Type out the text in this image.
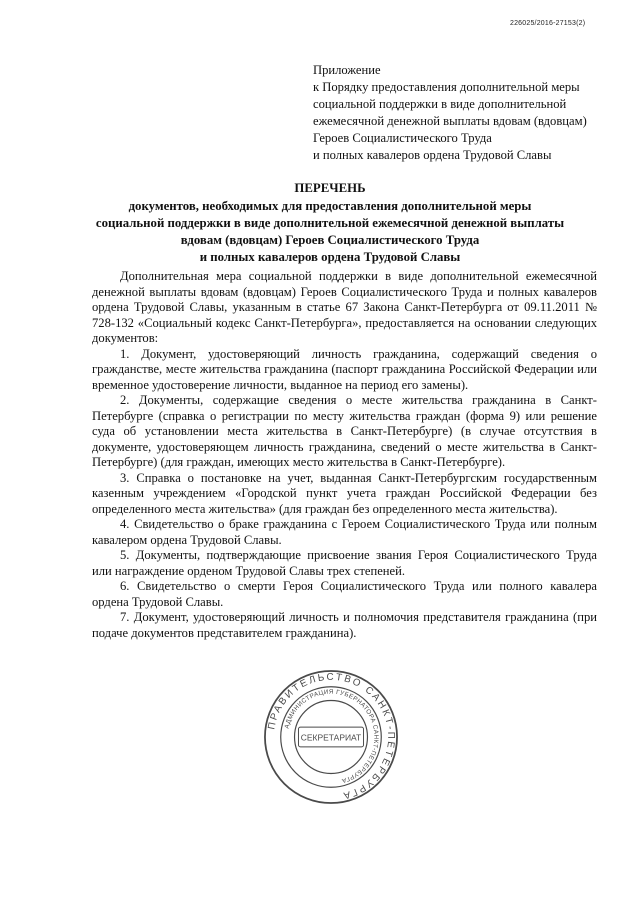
226025/2016-27153(2)
Приложение
к Порядку предоставления дополнительной меры
социальной поддержки в виде дополнительной
ежемесячной денежной выплаты вдовам (вдовцам)
Героев Социалистического Труда
и полных кавалеров ордена Трудовой Славы
ПЕРЕЧЕНЬ
документов, необходимых для предоставления дополнительной меры
социальной поддержки в виде дополнительной ежемесячной денежной выплаты
вдовам (вдовцам) Героев Социалистического Труда
и полных кавалеров ордена Трудовой Славы

Дополнительная мера социальной поддержки в виде дополнительной ежемесячной денежной выплаты вдовам (вдовцам) Героев Социалистического Труда и полных кавалеров ордена Трудовой Славы, указанным в статье 67 Закона Санкт-Петербурга от 09.11.2011 № 728-132 «Социальный кодекс Санкт-Петербурга», предоставляется на основании следующих документов:

1. Документ, удостоверяющий личность гражданина, содержащий сведения о гражданстве, месте жительства гражданина (паспорт гражданина Российской Федерации или временное удостоверение личности, выданное на период его замены).

2. Документы, содержащие сведения о месте жительства гражданина в Санкт-Петербурге (справка о регистрации по месту жительства граждан (форма 9) или решение суда об установлении места жительства в Санкт-Петербурге) (в случае отсутствия в документе, удостоверяющем личность гражданина, сведений о месте жительства в Санкт-Петербурге) (для граждан, имеющих место жительства в Санкт-Петербурге).

3. Справка о постановке на учет, выданная Санкт-Петербургским государственным казенным учреждением «Городской пункт учета граждан Российской Федерации без определенного места жительства» (для граждан без определенного места жительства).

4. Свидетельство о браке гражданина с Героем Социалистического Труда или полным кавалером ордена Трудовой Славы.

5. Документы, подтверждающие присвоение звания Героя Социалистического Труда или награждение орденом Трудовой Славы трех степеней.

6. Свидетельство о смерти Героя Социалистического Труда или полного кавалера ордена Трудовой Славы.

7. Документ, удостоверяющий личность и полномочия представителя гражданина (при подаче документов представителем гражданина).

ПРАВИТЕЛЬСТВО САНКТ-ПЕТЕРБУРГА
АДМИНИСТРАЦИЯ ГУБЕРНАТОРА САНКТ-ПЕТЕРБУРГА
СЕКРЕТАРИАТ
